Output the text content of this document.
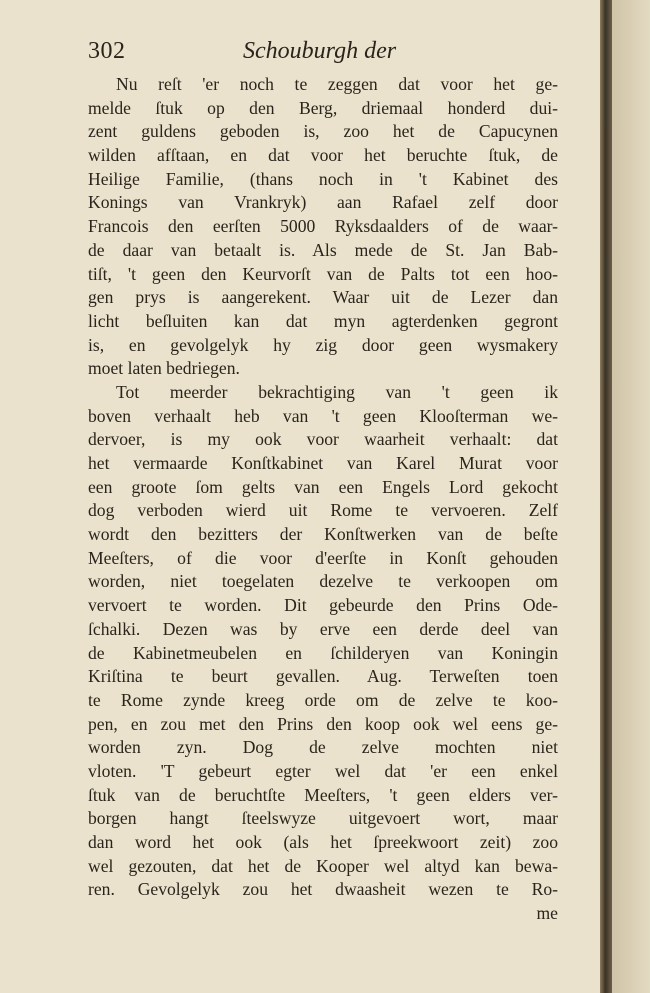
302	Schouburgh der
Nu reſt 'er noch te zeggen dat voor het ge-
melde ſtuk op den Berg, driemaal honderd dui-
zent guldens geboden is, zoo het de Capucynen
wilden afſtaan, en dat voor het beruchte ſtuk, de
Heilige Familie, (thans noch in 't Kabinet des
Konings van Vrankryk) aan Rafael zelf door
Francois den eerſten 5000 Ryksdaalders of de waar-
de daar van betaalt is. Als mede de St. Jan Bab-
tiſt, 't geen den Keurvorſt van de Palts tot een hoo-
gen prys is aangerekent. Waar uit de Lezer dan
licht beſluiten kan dat myn agterdenken gegront
is, en gevolgelyk hy zig door geen wysmakery
moet laten bedriegen.
Tot meerder bekrachtiging van 't geen ik
boven verhaalt heb van 't geen Klooſterman we-
dervoer, is my ook voor waarheit verhaalt: dat
het vermaarde Konſtkabinet van Karel Murat voor
een groote ſom gelts van een Engels Lord gekocht
dog verboden wierd uit Rome te vervoeren. Zelf
wordt den bezitters der Konſtwerken van de beſte
Meeſters, of die voor d'eerſte in Konſt gehouden
worden, niet toegelaten dezelve te verkoopen om
vervoert te worden. Dit gebeurde den Prins Ode-
ſchalki. Dezen was by erve een derde deel van
de Kabinetmeubelen en ſchilderyen van Koningin
Kriſtina te beurt gevallen. Aug. Terweſten toen
te Rome zynde kreeg orde om de zelve te koo-
pen, en zou met den Prins den koop ook wel eens ge-
worden zyn. Dog de zelve mochten niet
vloten. 'T gebeurt egter wel dat 'er een enkel
ſtuk van de beruchtſte Meeſters, 't geen elders ver-
borgen hangt ſteelswyze uitgevoert wort, maar
dan word het ook (als het ſpreekwoort zeit) zoo
wel gezouten, dat het de Kooper wel altyd kan bewa-
ren. Gevolgelyk zou het dwaasheit wezen te Ro-
me
